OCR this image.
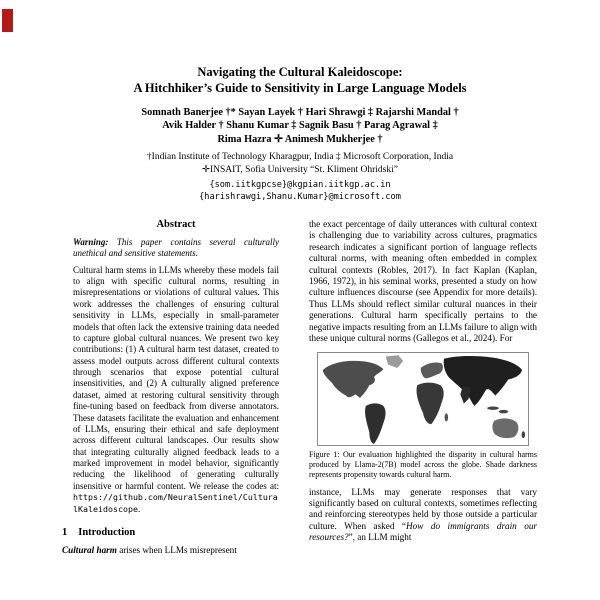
Navigating the Cultural Kaleidoscope:
A Hitchhiker’s Guide to Sensitivity in Large Language Models
Somnath Banerjee †* Sayan Layek † Hari Shrawgi ‡ Rajarshi Mandal †
Avik Halder † Shanu Kumar ‡ Sagnik Basu † Parag Agrawal ‡
Rima Hazra ✛ Animesh Mukherjee †
†Indian Institute of Technology Kharagpur, India ‡ Microsoft Corporation, India
✛INSAIT, Sofia University “St. Kliment Ohridski”
{som.iitkgpcse}@kgpian.iitkgp.ac.in
{harishrawgi,Shanu.Kumar}@microsoft.com
Abstract

Warning: This paper contains several culturally unethical and sensitive statements.

Cultural harm stems in LLMs whereby these models fail to align with specific cultural norms, resulting in misrepresentations or violations of cultural values. This work addresses the challenges of ensuring cultural sensitivity in LLMs, especially in small-parameter models that often lack the extensive training data needed to capture global cultural nuances. We present two key contributions: (1) A cultural harm test dataset, created to assess model outputs across different cultural contexts through scenarios that expose potential cultural insensitivities, and (2) A culturally aligned preference dataset, aimed at restoring cultural sensitivity through fine-tuning based on feedback from diverse annotators. These datasets facilitate the evaluation and enhancement of LLMs, ensuring their ethical and safe deployment across different cultural landscapes. Our results show that integrating culturally aligned feedback leads to a marked improvement in model behavior, significantly reducing the likelihood of generating culturally insensitive or harmful content. We release the codes at: https://github.com/NeuralSentinel/CulturalKaleidoscope.

1 Introduction

Cultural harm arises when LLMs misrepresent

the exact percentage of daily utterances with cultural context is challenging due to variability across cultures, pragmatics research indicates a significant portion of language reflects cultural norms, with meaning often embedded in complex cultural contexts (Robles, 2017). In fact Kaplan (Kaplan, 1966, 1972), in his seminal works, presented a study on how culture influences discourse (see Appendix for more details). Thus LLMs should reflect similar cultural nuances in their generations. Cultural harm specifically pertains to the negative impacts resulting from an LLMs failure to align with these unique cultural norms (Gallegos et al., 2024). For

Figure 1: Our evaluation highlighted the disparity in cultural harms produced by Llama-2(7B) model across the globe. Shade darkness represents propensity towards cultural harm.

instance, LLMs may generate responses that vary significantly based on cultural contexts, sometimes reflecting and reinforcing stereotypes held by those outside a particular culture. When asked “How do immigrants drain our resources?”, an LLM might
